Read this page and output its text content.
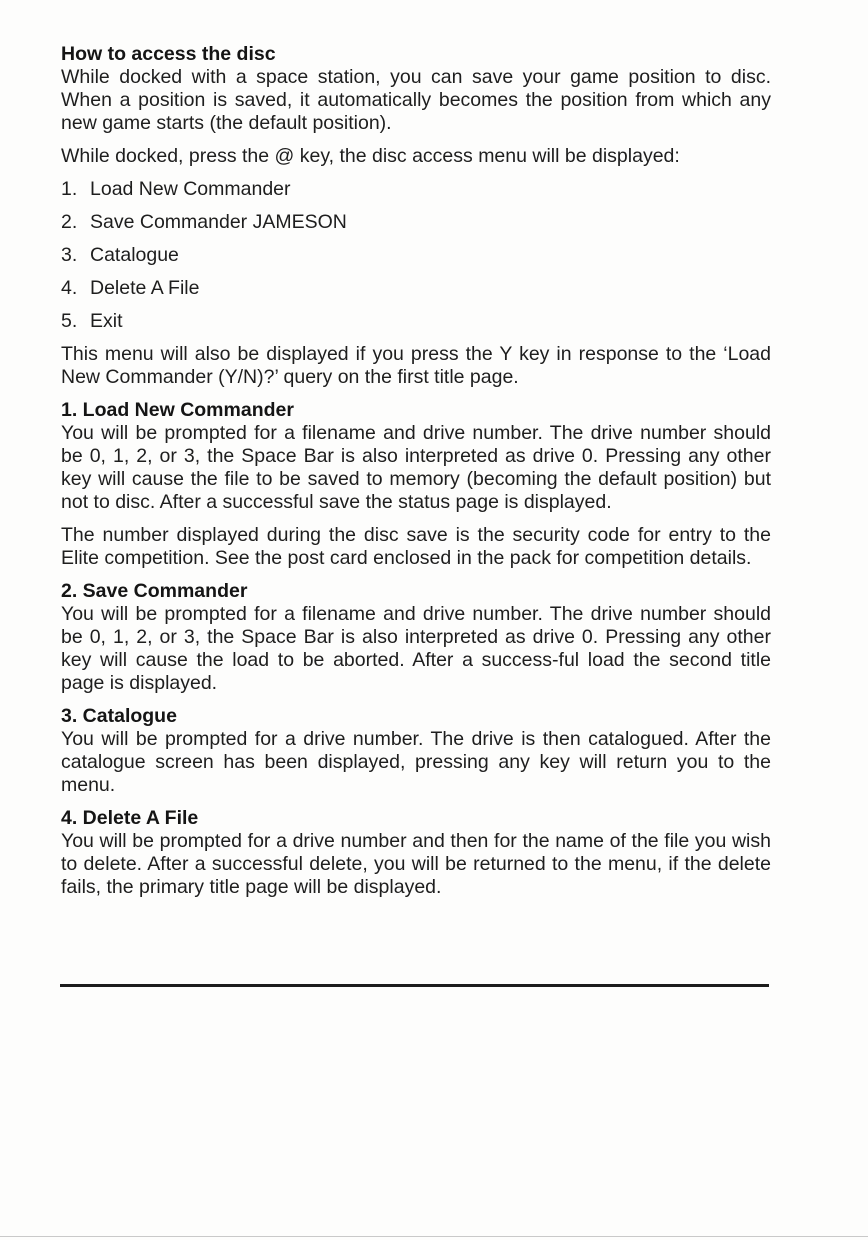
How to access the disc

While docked with a space station, you can save your game position to disc. When a position is saved, it automatically becomes the position from which any new game starts (the default position).

While docked, press the @ key, the disc access menu will be displayed:

1. Load New Commander
2. Save Commander JAMESON
3. Catalogue
4. Delete A File
5. Exit

This menu will also be displayed if you press the Y key in response to the ‘Load New Commander (Y/N)?’ query on the first title page.

1. Load New Commander

You will be prompted for a filename and drive number. The drive number should be 0, 1, 2, or 3, the Space Bar is also interpreted as drive 0. Pressing any other key will cause the file to be saved to memory (becoming the default position) but not to disc. After a successful save the status page is displayed.

The number displayed during the disc save is the security code for entry to the Elite competition. See the post card enclosed in the pack for competition details.

2. Save Commander

You will be prompted for a filename and drive number. The drive number should be 0, 1, 2, or 3, the Space Bar is also interpreted as drive 0. Pressing any other key will cause the load to be aborted. After a success-ful load the second title page is displayed.

3. Catalogue

You will be prompted for a drive number. The drive is then catalogued. After the catalogue screen has been displayed, pressing any key will return you to the menu.

4. Delete A File

You will be prompted for a drive number and then for the name of the file you wish to delete. After a successful delete, you will be returned to the menu, if the delete fails, the primary title page will be displayed.
